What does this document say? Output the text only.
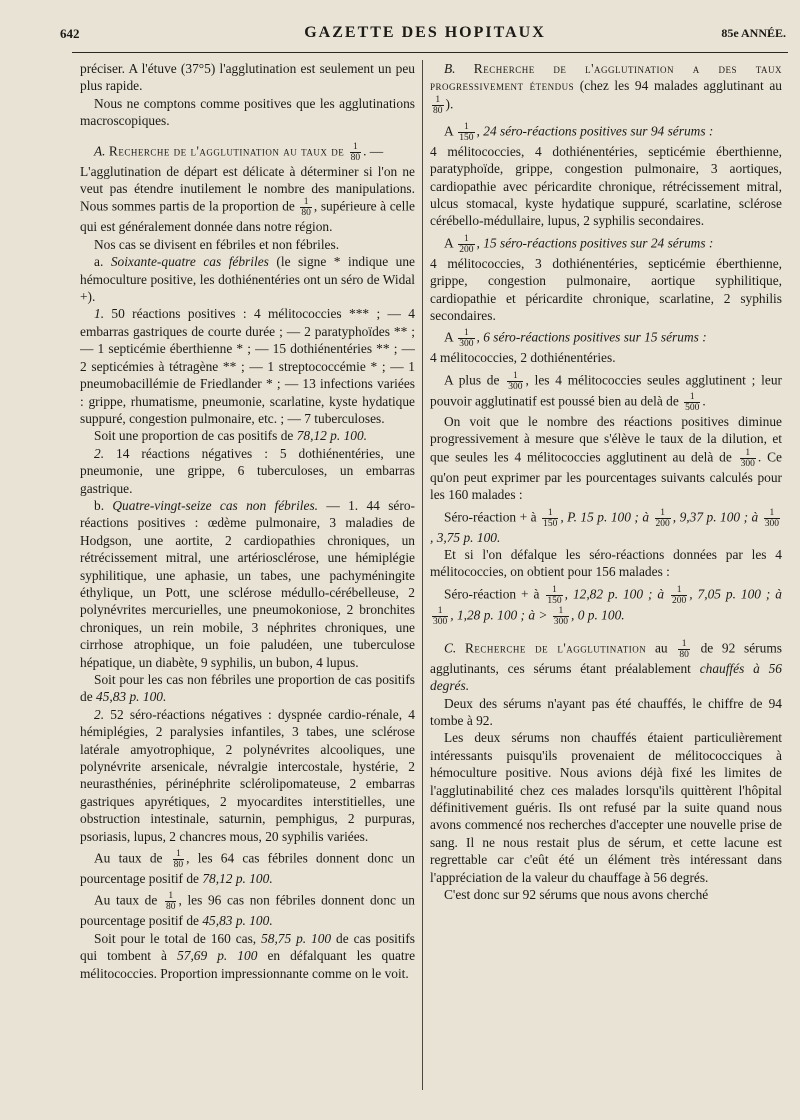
642	GAZETTE DES HOPITAUX	85e ANNÉE.

préciser. A l'étuve (37°5) l'agglutination est seulement un peu plus rapide.

Nous ne comptons comme positives que les agglutinations macroscopiques.

A. Recherche de l'agglutination au taux de $\frac{1}{80}$ . —

L'agglutination de départ est délicate à déterminer si l'on ne veut pas étendre inutilement le nombre des manipulations. Nous sommes partis de la proportion de $\frac{1}{80}$ , supérieure à celle qui est généralement donnée dans notre région.

Nos cas se divisent en fébriles et non fébriles.

a. Soixante-quatre cas fébriles (le signe * indique une hémoculture positive, les dothiénentéries ont un séro de Widal +).

1. 50 réactions positives : 4 mélitococcies *** ; — 4 embarras gastriques de courte durée ; — 2 paratyphoïdes ** ; — 1 septicémie éberthienne * ; — 15 dothiénentéries ** ; — 2 septicémies à tétragène ** ; — 1 streptococcémie * ; — 1 pneumobacillémie de Friedlander * ; — 13 infections variées : grippe, rhumatisme, pneumonie, scarlatine, kyste hydatique suppuré, congestion pulmonaire, etc. ; — 7 tuberculoses.

Soit une proportion de cas positifs de 78,12 p. 100.

2. 14 réactions négatives : 5 dothiénentéries, une pneumonie, une grippe, 6 tuberculoses, un embarras gastrique.

b. Quatre-vingt-seize cas non fébriles. — 1. 44 séro-réactions positives : œdème pulmonaire, 3 maladies de Hodgson, une aortite, 2 cardiopathies chroniques, un rétrécissement mitral, une artériosclérose, une hémiplégie syphilitique, une aphasie, un tabes, une pachyméningite éthylique, un Pott, une sclérose médullo-cérébelleuse, 2 polynévrites mercurielles, une pneumokoniose, 2 bronchites chroniques, un rein mobile, 3 néphrites chroniques, une cirrhose atrophique, un foie paludéen, une tuberculose hépatique, un diabète, 9 syphilis, un bubon, 4 lupus.

Soit pour les cas non fébriles une proportion de cas positifs de 45,83 p. 100.

2. 52 séro-réactions négatives : dyspnée cardio-rénale, 4 hémiplégies, 2 paralysies infantiles, 3 tabes, une sclérose latérale amyotrophique, 2 polynévrites alcooliques, une polynévrite arsenicale, névralgie intercostale, hystérie, 2 neurasthénies, périnéphrite sclérolipomateuse, 2 embarras gastriques apyrétiques, 2 myocardites interstitielles, une obstruction intestinale, saturnin, pemphigus, 2 purpuras, psoriasis, lupus, 2 chancres mous, 20 syphilis variées.

Au taux de $\frac{1}{80}$ , les 64 cas fébriles donnent donc un pourcentage positif de 78,12 p. 100.

Au taux de $\frac{1}{80}$ , les 96 cas non fébriles donnent donc un pourcentage positif de 45,83 p. 100.

Soit pour le total de 160 cas, 58,75 p. 100 de cas positifs qui tombent à 57,69 p. 100 en défalquant les quatre mélitococcies. Proportion impressionnante comme on le voit.

B. Recherche de l'agglutination a des taux progressivement étendus (chez les 94 malades agglutinant au
$\frac{1}{80}$ ).

A $\frac{1}{150}$ , 24 séro-réactions positives sur 94 sérums :

4 mélitococcies, 4 dothiénentéries, septicémie éberthienne, paratyphoïde, grippe, congestion pulmonaire, 3 aortiques, cardiopathie avec péricardite chronique, rétrécissement mitral, ulcus stomacal, kyste hydatique suppuré, scarlatine, sclérose cérébello-médullaire, lupus, 2 syphilis secondaires.

A $\frac{1}{200}$ , 15 séro-réactions positives sur 24 sérums :

4 mélitococcies, 3 dothiénentéries, septicémie éberthienne, grippe, congestion pulmonaire, aortique syphilitique, cardiopathie et péricardite chronique, scarlatine, 2 syphilis secondaires.

A $\frac{1}{300}$ , 6 séro-réactions positives sur 15 sérums :

4 mélitococcies, 2 dothiénentéries.

A plus de $\frac{1}{300}$ , les 4 mélitococcies seules agglutinent ; leur pouvoir agglutinatif est poussé bien au delà de $\frac{1}{500}$ .

On voit que le nombre des réactions positives diminue progressivement à mesure que s'élève le taux de la dilution, et que seules les 4 mélitococcies agglutinent au delà de $\frac{1}{300}$ . Ce qu'on peut exprimer par les pourcentages suivants calculés pour les 160 malades :

Séro-réaction + à $\frac{1}{150}$ , P. 15 p. 100 ; à $\frac{1}{200}$ , 9,37 p. 100 ; à $\frac{1}{300}$
, 3,75 p. 100.

Et si l'on défalque les séro-réactions données par les 4 mélitococcies, on obtient pour 156 malades :

Séro-réaction + à $\frac{1}{150}$ , 12,82 p. 100 ; à $\frac{1}{200}$ , 7,05 p. 100 ; à
$\frac{1}{300}$ , 1,28 p. 100 ; à > $\frac{1}{300}$ , 0 p. 100.

C. Recherche de l'agglutination au $\frac{1}{80}$ de 92 sérums agglutinants, ces sérums étant préalablement chauffés à 56 degrés.

Deux des sérums n'ayant pas été chauffés, le chiffre de 94 tombe à 92.

Les deux sérums non chauffés étaient particulièrement intéressants puisqu'ils provenaient de mélitococciques à hémoculture positive. Nous avions déjà fixé les limites de l'agglutinabilité chez ces malades lorsqu'ils quittèrent l'hôpital définitivement guéris. Ils ont refusé par la suite quand nous avons commencé nos recherches d'accepter une nouvelle prise de sang. Il ne nous restait plus de sérum, et cette lacune est regrettable car c'eût été un élément très intéressant dans l'appréciation de la valeur du chauffage à 56 degrés.

C'est donc sur 92 sérums que nous avons cherché
